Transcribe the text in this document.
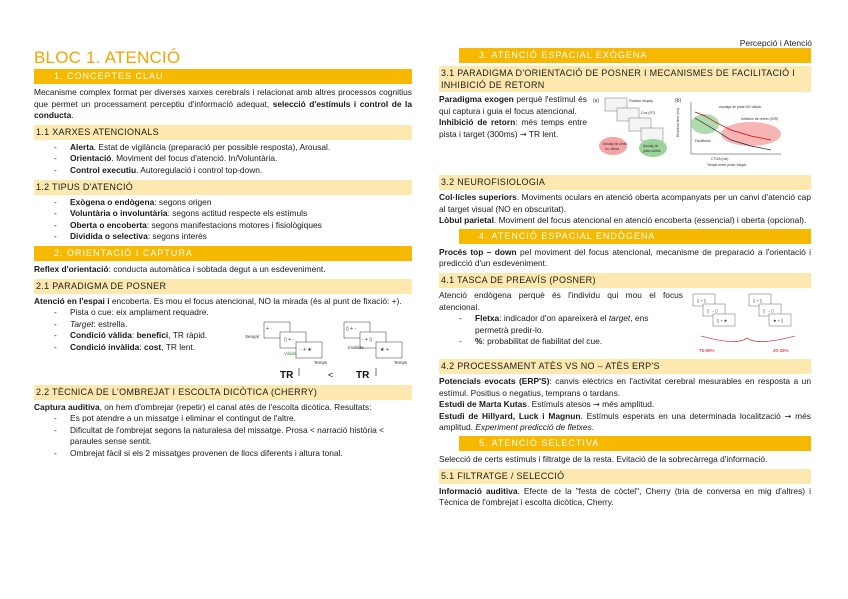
Percepció i Atenció
BLOC 1. ATENCIÓ
1. CONCEPTES CLAU

Mecanisme complex format per diverses xarxes cerebrals i relacionat amb altres processos cognitius que permet un processament perceptiu d'informació adequat, selecció d'estímuls i control de la conducta.

1.1 XARXES ATENCIONALS
- Alerta. Estat de vigilància (preparació per possible resposta), Arousal.
- Orientació. Moviment del focus d'atenció. In/Voluntària.
- Control executiu. Autoregulació i control top-down.
1.2 TIPUS D'ATENCIÓ
- Exògena o endògena: segons origen
- Voluntària o involuntària: segons actitud respecte els estímuls
- Oberta o encoberta: segons manifestacions motores i fisiològiques
- Dividida o selectiva: segons interès
2. ORIENTACIÓ I CAPTURA

Reflex d'orientació: conducta automàtica i sobtada degut a un esdeveniment.

2.1 PARADIGMA DE POSNER

Atenció en l'espai i encoberta. Es mou el focus atencional, NO la mirada (és al punt de fixació: +).

- Pista o cue: eix amplament requadre.
- Target: estrella.
- Condició vàlida: benefici, TR ràpid.
- Condició invàlida: cost, TR lent.
+ ·
▯ + ·
· + ★
▯ + ·
· + ▯
★ +
Senyal
Vàlida
Invàlida
Temps	Temps
TR	< TR
2.2 TÈCNICA DE L'OMBREJAT I ESCOLTA DICÒTICA (CHERRY)

Captura auditiva, on hem d'ombrejar (repetir) el canal atès de l'escolta dicòtica. Resultats:

- Es pot atendre a un missatge i eliminar el contingut de l'altre.
- Dificultat de l'ombrejat segons la naturalesa del missatge. Prosa < narració història < paraules sense sentit.
- Ombrejat fàcil si els 2 missatges provenen de llocs diferents i altura tonal.
3. ATENCIÓ ESPACIAL EXÒGENA
3.1 PARADIGMA D'ORIENTACIÓ DE POSNER I MECANISMES DE FACILITACIÓ I INHIBICIÓ DE RETORN

Paradigma exogen perquè l'estímul és qui captura i guia el focus atencional.

Inhibició de retorn: més temps entre pista i target (300ms) → TR lent.

(a)	Fixation display
Cue (RT)
Assaig de pista
no vàlida
Assaig de
pista vàlida
(b)
Reaction time (ms)
Assaigs de pista NO vàlida
Inhibició de retorn (IOR)
Facilitació
CTOA (ms)
Temps entre pista i target
3.2 NEUROFISIOLOGIA

Col·lícles superiors. Moviments oculars en atenció oberta acompanyats per un canvi d'atenció cap al target visual (NO en obscuritat).

Lòbul parietal. Moviment del focus atencional en atenció encoberta (essencial) i oberta (opcional).

4. ATENCIÓ ESPACIAL ENDÒGENA

Procés top – down pel moviment del focus atencional, mecanisme de preparació a l'orientació i predicció d'un esdeveniment.

4.1 TASCA DE PREAVÍS (POSNER)

Atenció endògena perquè és l'individu qui mou el focus atencional.

- Fletxa: indicador d'on apareixerà el target, ens permetrà predir-lo.
- %: probabilitat de fiabilitat del cue.
▯ + ▯
▯ → ▯
▯ + ★
▯ + ▯
▯ → ▯
★ + ▯
75-80%	20-25%
4.2 PROCESSAMENT ATÈS VS NO – ATÈS ERP'S

Potencials evocats (ERP'S): canvis elèctrics en l'activitat cerebral mesurables en resposta a un estímul. Positius o negatius, temprans o tardans.

Estudi de Marta Kutas. Estímuls atesos → més amplitud.

Estudi de Hillyard, Luck i Magnun. Estímuls esperats en una determinada localització → més amplitud. Experiment predicció de fletxes.

5. ATENCIÓ SELECTIVA

Selecció de certs estímuls i filtratge de la resta. Evitació de la sobrecàrrega d'informació.

5.1 FILTRATGE / SELECCIÓ

Informació auditiva. Efecte de la "festa de còctel", Cherry (tria de conversa en mig d'altres) i Tècnica de l'ombrejat i escolta dicòtica, Cherry.
